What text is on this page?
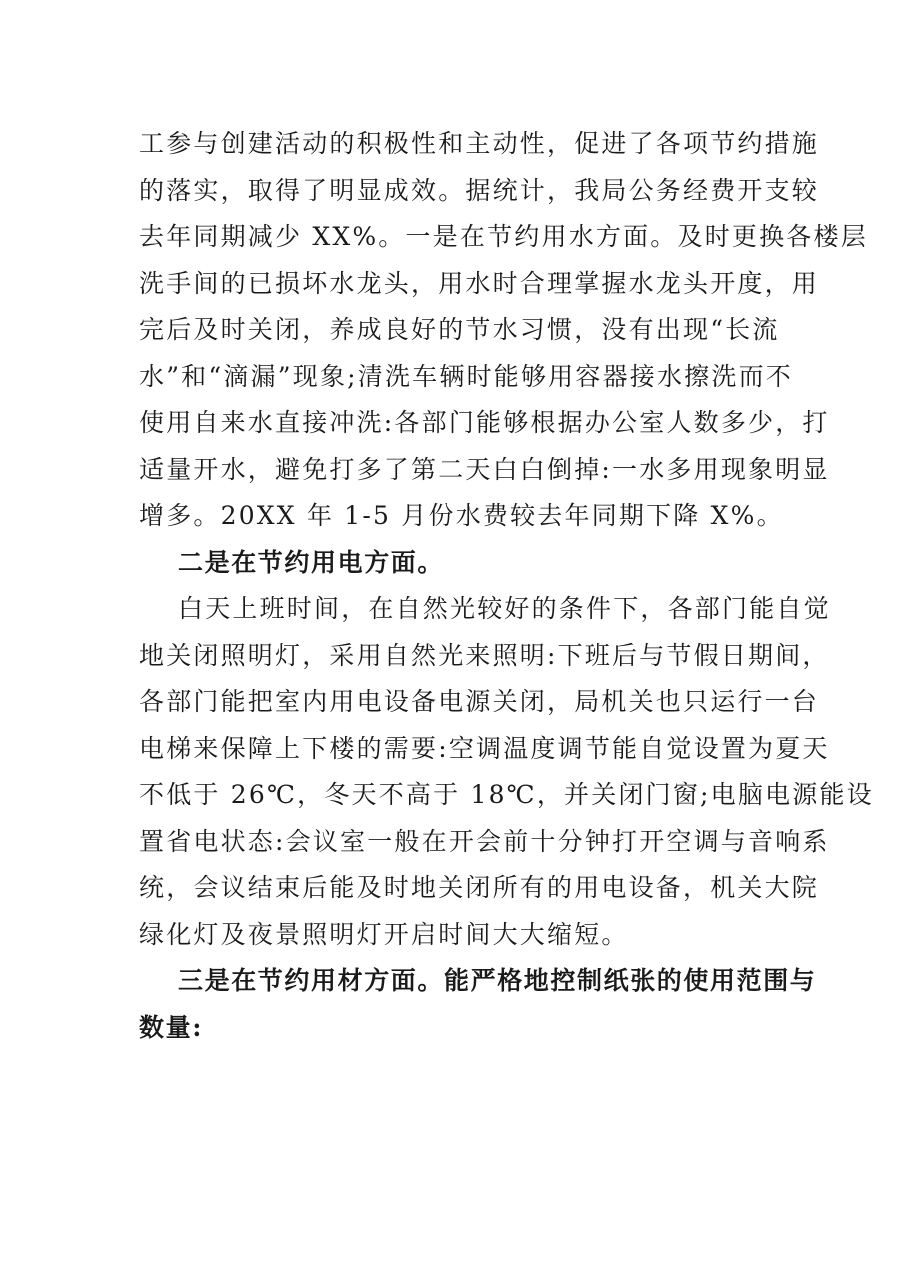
工参与创建活动的积极性和主动性，促进了各项节约措施
的落实，取得了明显成效。据统计，我局公务经费开支较
去年同期减少 XX%。一是在节约用水方面。及时更换各楼层
洗手间的已损坏水龙头，用水时合理掌握水龙头开度，用
完后及时关闭，养成良好的节水习惯，没有出现“长流
水”和“滴漏”现象;清洗车辆时能够用容器接水擦洗而不
使用自来水直接冲洗:各部门能够根据办公室人数多少，打
适量开水，避免打多了第二天白白倒掉:一水多用现象明显
增多。20XX 年 1-5 月份水费较去年同期下降 X%。
二是在节约用电方面。
白天上班时间，在自然光较好的条件下，各部门能自觉
地关闭照明灯，采用自然光来照明:下班后与节假日期间，
各部门能把室内用电设备电源关闭，局机关也只运行一台
电梯来保障上下楼的需要:空调温度调节能自觉设置为夏天
不低于 26℃，冬天不高于 18℃，并关闭门窗;电脑电源能设
置省电状态:会议室一般在开会前十分钟打开空调与音响系
统，会议结束后能及时地关闭所有的用电设备，机关大院
绿化灯及夜景照明灯开启时间大大缩短。
三是在节约用材方面。能严格地控制纸张的使用范围与
数量:
